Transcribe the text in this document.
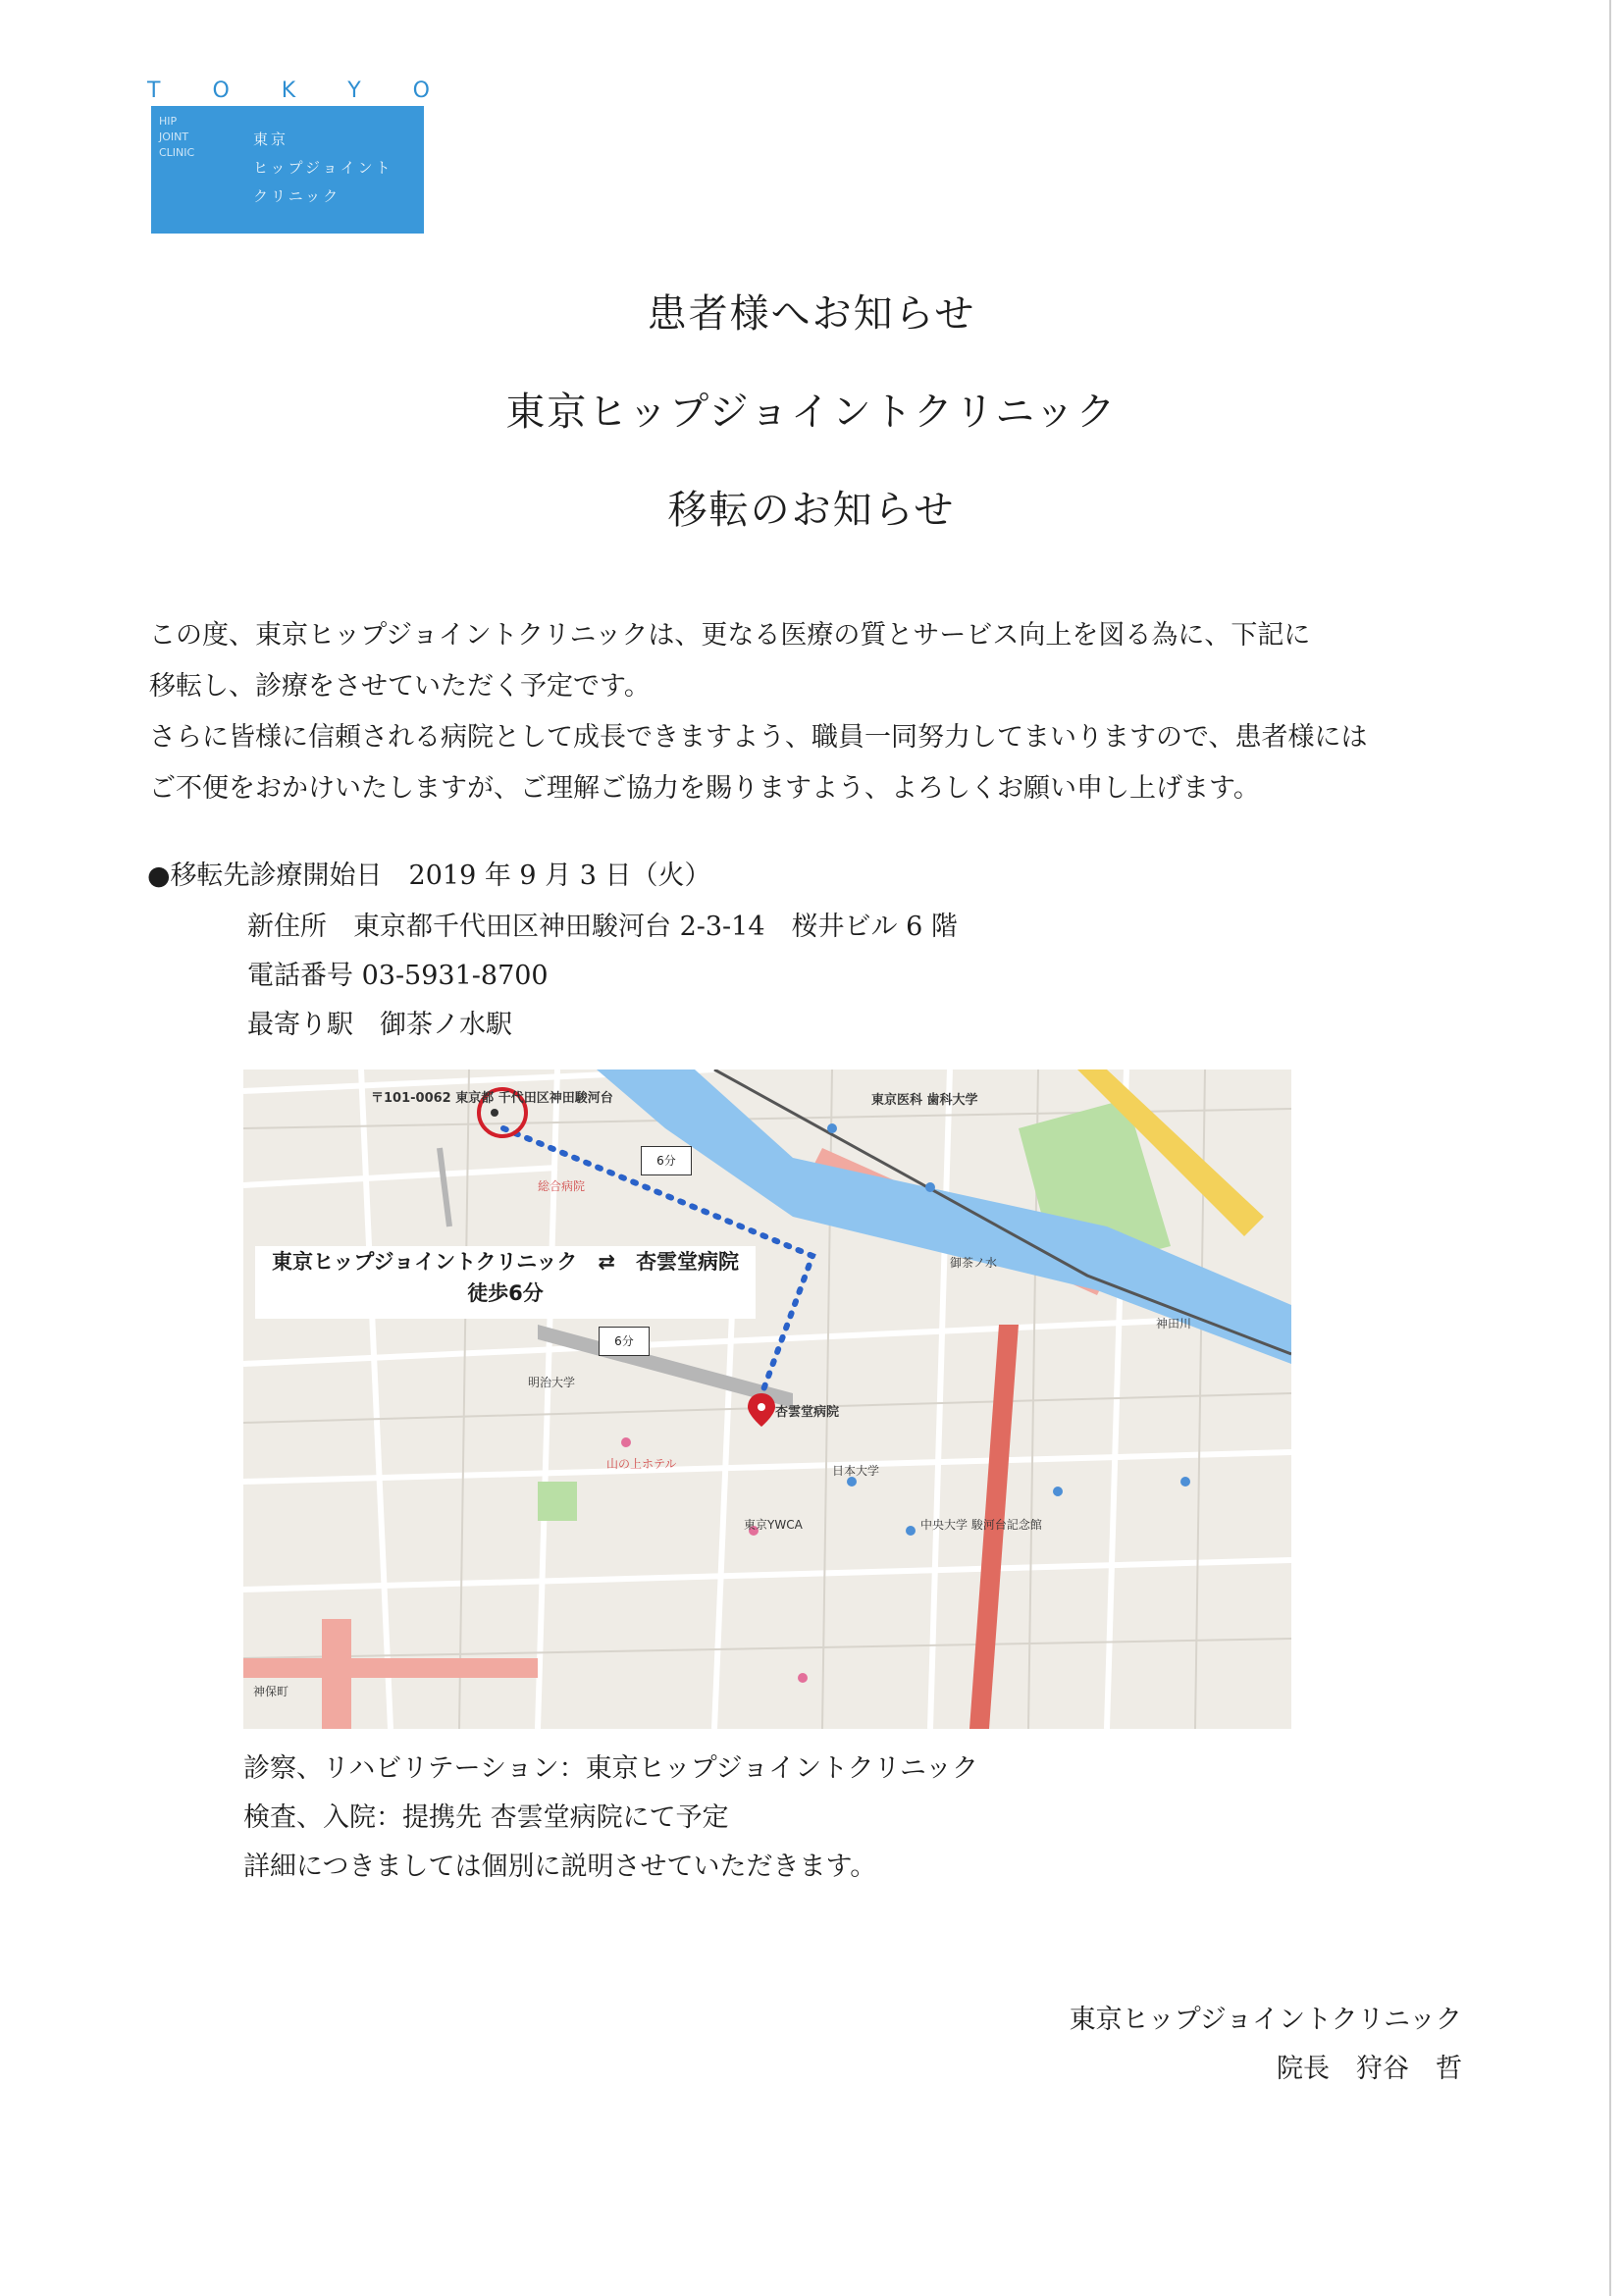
T O K Y O
HIP
JOINT
CLINIC
東京
ヒップジョイント
クリニック
患者様へお知らせ
東京ヒップジョイントクリニック
移転のお知らせ

この度、東京ヒップジョイントクリニックは、更なる医療の質とサービス向上を図る為に、下記に

移転し、診療をさせていただく予定です。

さらに皆様に信頼される病院として成長できますよう、職員一同努力してまいりますので、患者様には

ご不便をおかけいたしますが、ご理解ご協力を賜りますよう、よろしくお願い申し上げます。

●移転先診療開始日　2019 年 9 月 3 日（火）
新住所　東京都千代田区神田駿河台 2-3-14　桜井ビル 6 階
電話番号 03-5931-8700
最寄り駅　御茶ノ水駅
東京ヒップジョイントクリニック　⇄　杏雲堂病院
徒歩6分
〒101-0062 東京都 千代田区神田駿河台
杏雲堂病院
6分
6分
東京医科 歯科大学
御茶ノ水
明治大学
日本大学
東京YWCA	中央大学 駿河台記念館
山の上ホテル
神保町
総合病院
神田川
診察、リハビリテーション：東京ヒップジョイントクリニック
検査、入院：提携先 杏雲堂病院にて予定
詳細につきましては個別に説明させていただきます。
東京ヒップジョイントクリニック
院長　狩谷　哲
